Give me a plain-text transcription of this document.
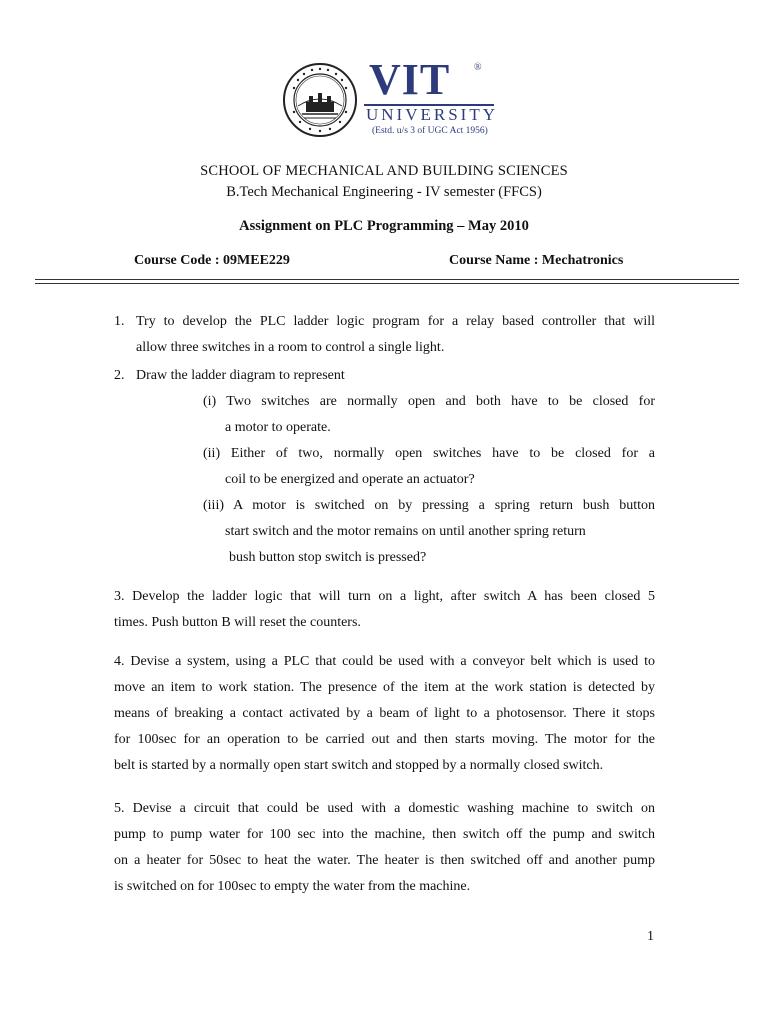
VIT ®
UNIVERSITY
(Estd. u/s 3 of UGC Act 1956)
SCHOOL OF MECHANICAL AND BUILDING SCIENCES
B.Tech Mechanical Engineering - IV semester (FFCS)
Assignment on PLC Programming – May 2010
Course Code : 09MEE229	Course Name : Mechatronics
1. Try to develop the PLC ladder logic program for a relay based controller that will
allow three switches in a room to control a single light.
2. Draw the ladder diagram to represent
(i) Two switches are normally open and both have to be closed for
a motor to operate.
(ii) Either of two, normally open switches have to be closed for a
coil to be energized and operate an actuator?
(iii) A motor is switched on by pressing a spring return bush button
start switch and the motor remains on until another spring return
bush button stop switch is pressed?
3. Develop the ladder logic that will turn on a light, after switch A has been closed 5
times. Push button B will reset the counters.
4. Devise a system, using a PLC that could be used with a conveyor belt which is used to
move an item to work station. The presence of the item at the work station is detected by
means of breaking a contact activated by a beam of light to a photosensor. There it stops
for 100sec for an operation to be carried out and then starts moving. The motor for the
belt is started by a normally open start switch and stopped by a normally closed switch.
5. Devise a circuit that could be used with a domestic washing machine to switch on
pump to pump water for 100 sec into the machine, then switch off the pump and switch
on a heater for 50sec to heat the water. The heater is then switched off and another pump
is switched on for 100sec to empty the water from the machine.
1
